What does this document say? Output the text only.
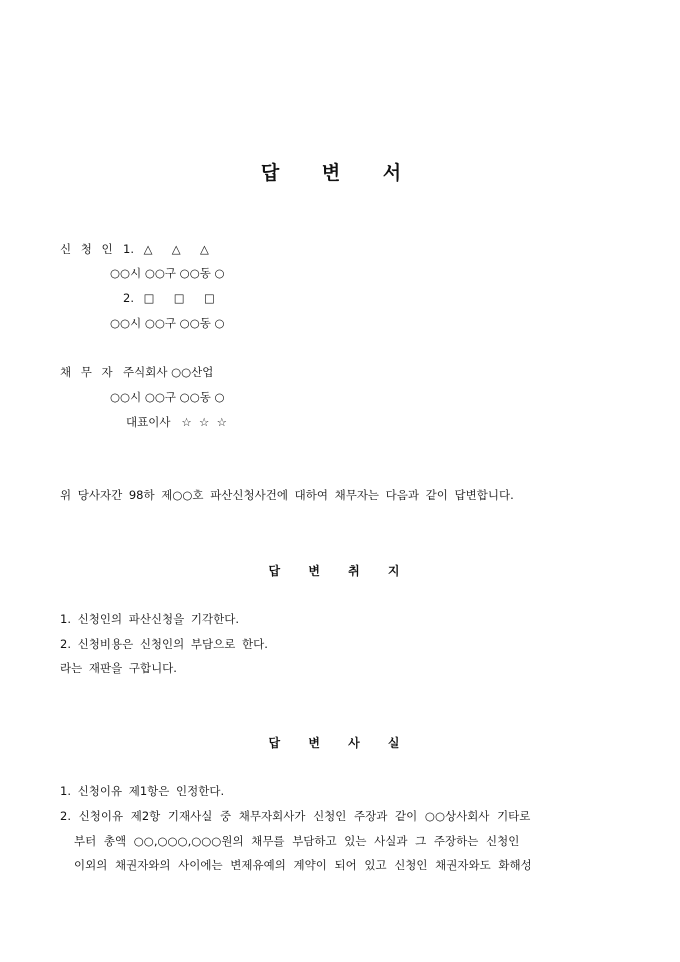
답 변 서
신 청 인 1. △  △  △
○○시 ○○구 ○○동 ○
2. □  □  □
○○시 ○○구 ○○동 ○
채 무 자 주식회사 ○○산업
○○시 ○○구 ○○동 ○
대표이사   ☆  ☆  ☆
위 당사자간 98하 제○○호 파산신청사건에 대하여 채무자는 다음과 같이 답변합니다.
답 변 취 지
1. 신청인의 파산신청을 기각한다.
2. 신청비용은 신청인의 부담으로 한다.
라는 재판을 구합니다.
답 변 사 실
1. 신청이유 제1항은 인정한다.
2. 신청이유 제2항 기재사실 중 채무자회사가 신청인 주장과 같이 ○○상사회사 기타로
부터 총액 ○○,○○○,○○○원의 채무를 부담하고 있는 사실과 그 주장하는 신청인
이외의 채권자와의 사이에는 변제유예의 계약이 되어 있고 신청인 채권자와도 화해성
